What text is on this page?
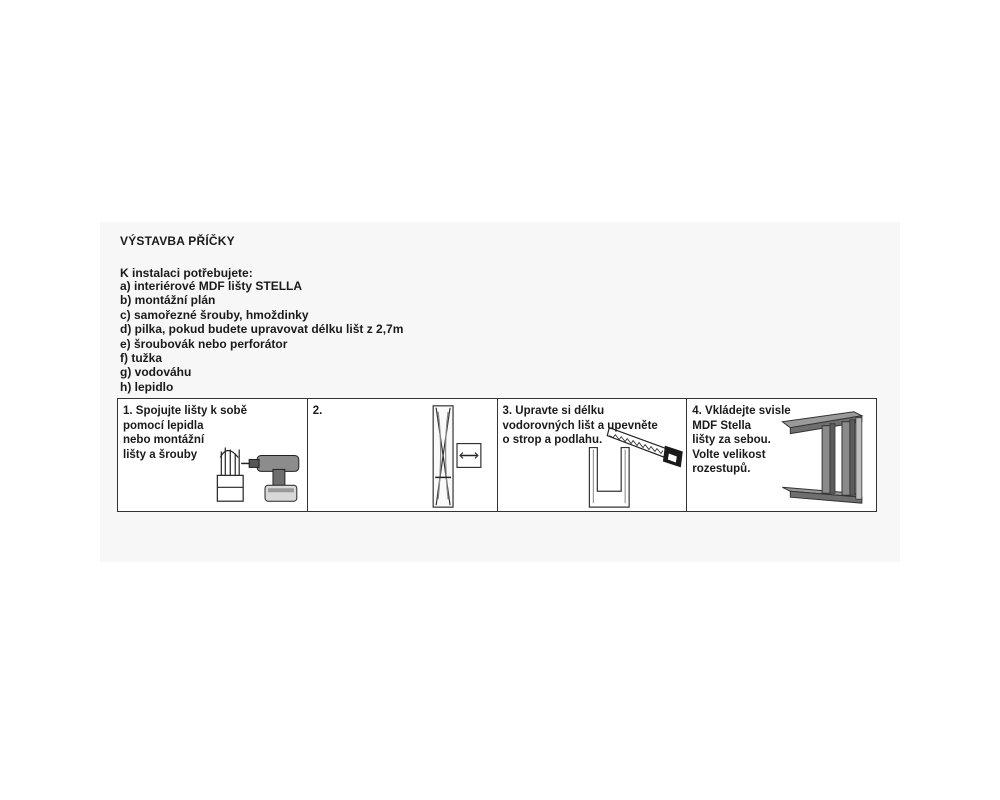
VÝSTAVBA PŘÍČKY
K instalaci potřebujete:
a) interiérové MDF lišty STELLA
b) montážní plán
c) samořezné šrouby, hmoždinky
d) pilka, pokud budete upravovat délku lišt z 2,7m
e) šroubovák nebo perforátor
f) tužka
g) vodováhu
h) lepidlo
1. Spojujte lišty k sobě
pomocí lepidla
nebo montážní
lišty a šrouby
2.	3. Upravte si délku
vodorovných lišt a upevněte
o strop a podlahu.
4. Vkládejte svisle
MDF Stella
lišty za sebou.
Volte velikost
rozestupů.
